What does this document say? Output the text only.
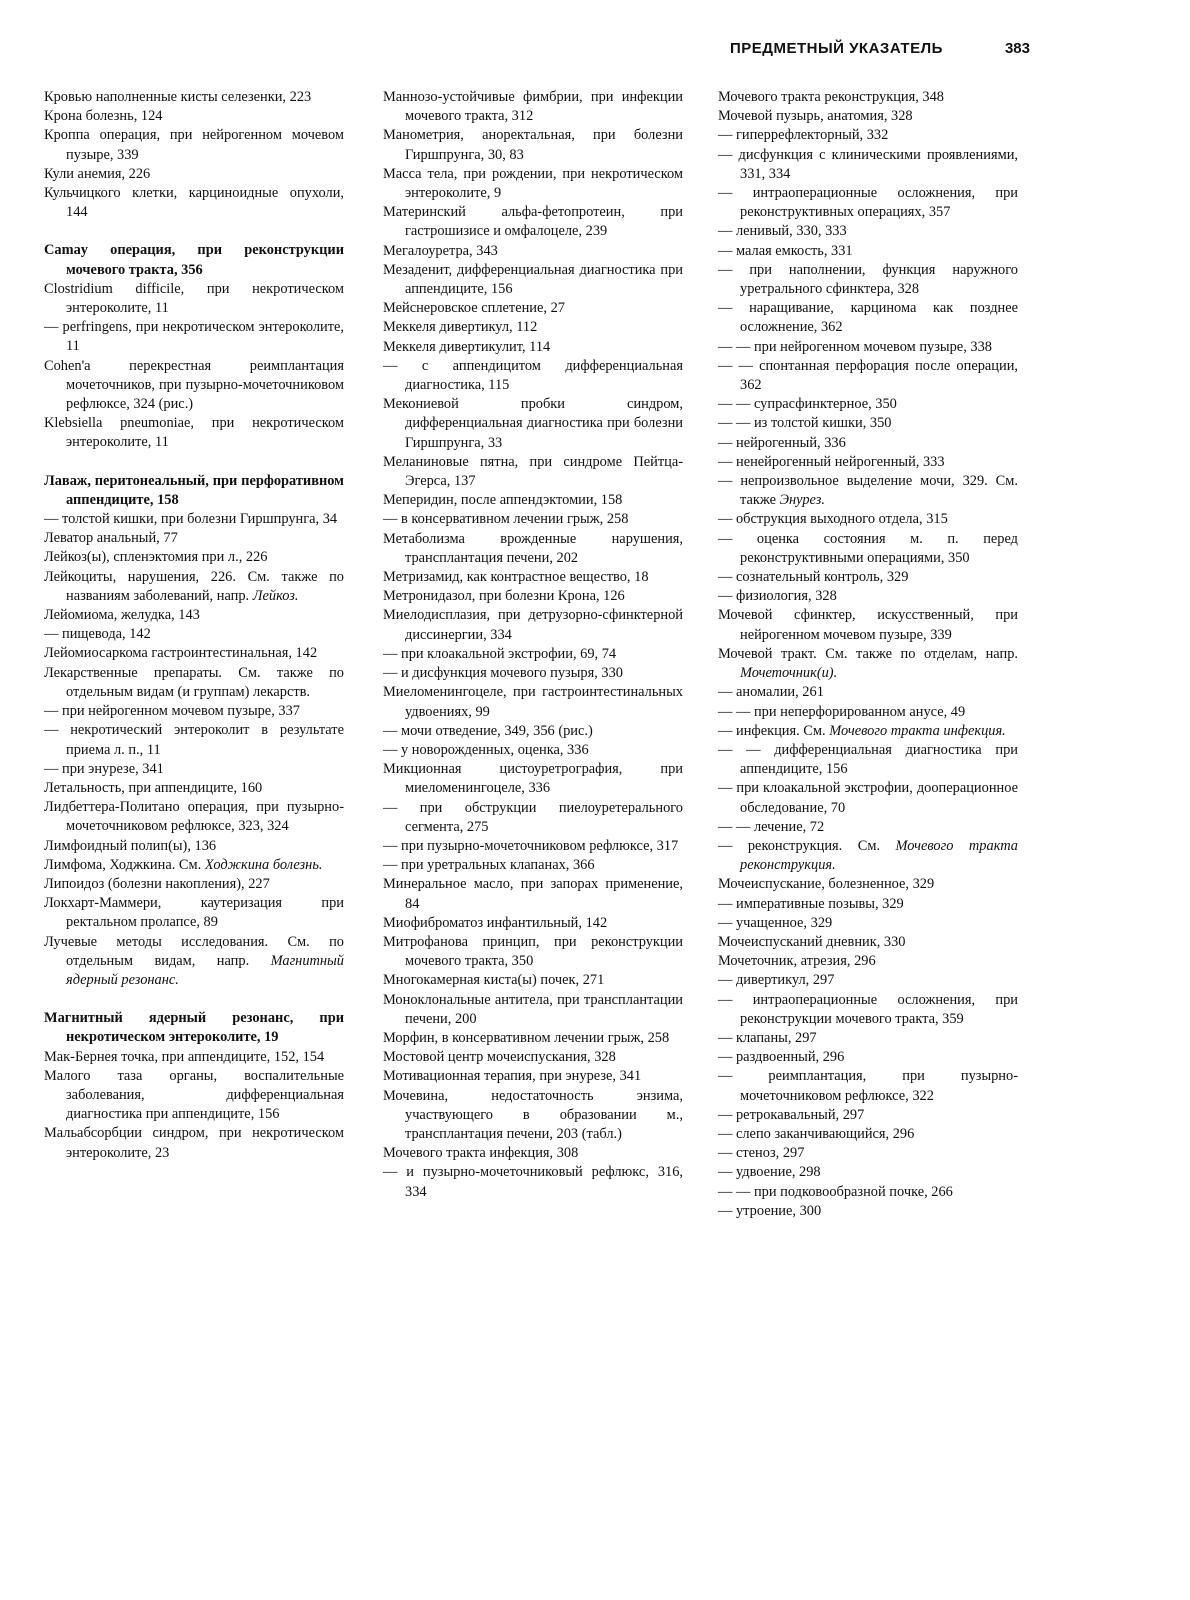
ПРЕДМЕТНЫЙ УКАЗАТЕЛЬ	383
Кровью наполненные кисты селезенки, 223
Крона болезнь, 124
Кроппа операция, при нейрогенном мочевом пузыре, 339
Кули анемия, 226
Кульчицкого клетки, карциноидные опухоли, 144
Сamay операция, при реконструкции мочевого тракта, 356
Clostridium difficile, при некротическом энтероколите, 11
— perfringens, при некротическом энтероколите, 11
Cohen'a перекрестная реимплантация мочеточников, при пузырно-мочеточниковом рефлюксе, 324 (рис.)
Klebsiella pneumoniae, при некротическом энтероколите, 11
Лаваж, перитонеальный, при перфоративном аппендиците, 158
— толстой кишки, при болезни Гиршпрунга, 34
Леватор анальный, 77
Лейкоз(ы), спленэктомия при л., 226
Лейкоциты, нарушения, 226. См. также по названиям заболеваний, напр. Лейкоз.
Лейомиома, желудка, 143
— пищевода, 142
Лейомиосаркома гастроинтестинальная, 142
Лекарственные препараты. См. также по отдельным видам (и группам) лекарств.
— при нейрогенном мочевом пузыре, 337
— некротический энтероколит в результате приема л. п., 11
— при энурезе, 341
Летальность, при аппендиците, 160
Лидбеттера-Политано операция, при пузырно-мочеточниковом рефлюксе, 323, 324
Лимфоидный полип(ы), 136
Лимфома, Ходжкина. См. Ходжкина болезнь.
Липоидоз (болезни накопления), 227
Локхарт-Маммери, каутеризация при ректальном пролапсе, 89
Лучевые методы исследования. См. по отдельным видам, напр. Магнитный ядерный резонанс.
Магнитный ядерный резонанс, при некротическом энтероколите, 19
Мак-Бернея точка, при аппендиците, 152, 154
Малого таза органы, воспалительные заболевания, дифференциальная диагностика при аппендиците, 156
Мальабсорбции синдром, при некротическом энтероколите, 23
Маннозо-устойчивые фимбрии, при инфекции мочевого тракта, 312
Манометрия, аноректальная, при болезни Гиршпрунга, 30, 83
Масса тела, при рождении, при некротическом энтероколите, 9
Материнский альфа-фетопротеин, при гастрошизисе и омфалоцеле, 239
Мегалоуретра, 343
Мезаденит, дифференциальная диагностика при аппендиците, 156
Мейснеровское сплетение, 27
Меккеля дивертикул, 112
Меккеля дивертикулит, 114
— с аппендицитом дифференциальная диагностика, 115
Мекониевой пробки синдром, дифференциальная диагностика при болезни Гиршпрунга, 33
Меланиновые пятна, при синдроме Пейтца-Эгерса, 137
Меперидин, после аппендэктомии, 158
— в консервативном лечении грыж, 258
Метаболизма врожденные нарушения, трансплантация печени, 202
Метризамид, как контрастное вещество, 18
Метронидазол, при болезни Крона, 126
Миелодисплазия, при детрузорно-сфинктерной диссинергии, 334
— при клоакальной экстрофии, 69, 74
— и дисфункция мочевого пузыря, 330
Миеломенингоцеле, при гастроинтестинальных удвоениях, 99
— мочи отведение, 349, 356 (рис.)
— у новорожденных, оценка, 336
Микционная цистоуретрография, при миеломенингоцеле, 336
— при обструкции пиелоуретерального сегмента, 275
— при пузырно-мочеточниковом рефлюксе, 317
— при уретральных клапанах, 366
Минеральное масло, при запорах применение, 84
Миофиброматоз инфантильный, 142
Митрофанова принцип, при реконструкции мочевого тракта, 350
Многокамерная киста(ы) почек, 271
Моноклональные антитела, при трансплантации печени, 200
Морфин, в консервативном лечении грыж, 258
Мостовой центр мочеиспускания, 328
Мотивационная терапия, при энурезе, 341
Мочевина, недостаточность энзима, участвующего в образовании м., трансплантация печени, 203 (табл.)
Мочевого тракта инфекция, 308
— и пузырно-мочеточниковый рефлюкс, 316, 334
Мочевого тракта реконструкция, 348
Мочевой пузырь, анатомия, 328
— гиперрефлекторный, 332
— дисфункция с клиническими проявлениями, 331, 334
— интраоперационные осложнения, при реконструктивных операциях, 357
— ленивый, 330, 333
— малая емкость, 331
— при наполнении, функция наружного уретрального сфинктера, 328
— наращивание, карцинома как позднее осложнение, 362
— — при нейрогенном мочевом пузыре, 338
— — спонтанная перфорация после операции, 362
— — супрасфинктерное, 350
— — из толстой кишки, 350
— нейрогенный, 336
— ненейрогенный нейрогенный, 333
— непроизвольное выделение мочи, 329. См. также Энурез.
— обструкция выходного отдела, 315
— оценка состояния м. п. перед реконструктивными операциями, 350
— сознательный контроль, 329
— физиология, 328
Мочевой сфинктер, искусственный, при нейрогенном мочевом пузыре, 339
Мочевой тракт. См. также по отделам, напр. Мочеточник(и).
— аномалии, 261
— — при неперфорированном анусе, 49
— инфекция. См. Мочевого тракта инфекция.
— — дифференциальная диагностика при аппендиците, 156
— при клоакальной экстрофии, дооперационное обследование, 70
— — лечение, 72
— реконструкция. См. Мочевого тракта реконструкция.
Мочеиспускание, болезненное, 329
— императивные позывы, 329
— учащенное, 329
Мочеиспусканий дневник, 330
Мочеточник, атрезия, 296
— дивертикул, 297
— интраоперационные осложнения, при реконструкции мочевого тракта, 359
— клапаны, 297
— раздвоенный, 296
— реимплантация, при пузырно-мочеточниковом рефлюксе, 322
— ретрокавальный, 297
— слепо заканчивающийся, 296
— стеноз, 297
— удвоение, 298
— — при подковообразной почке, 266
— утроение, 300
